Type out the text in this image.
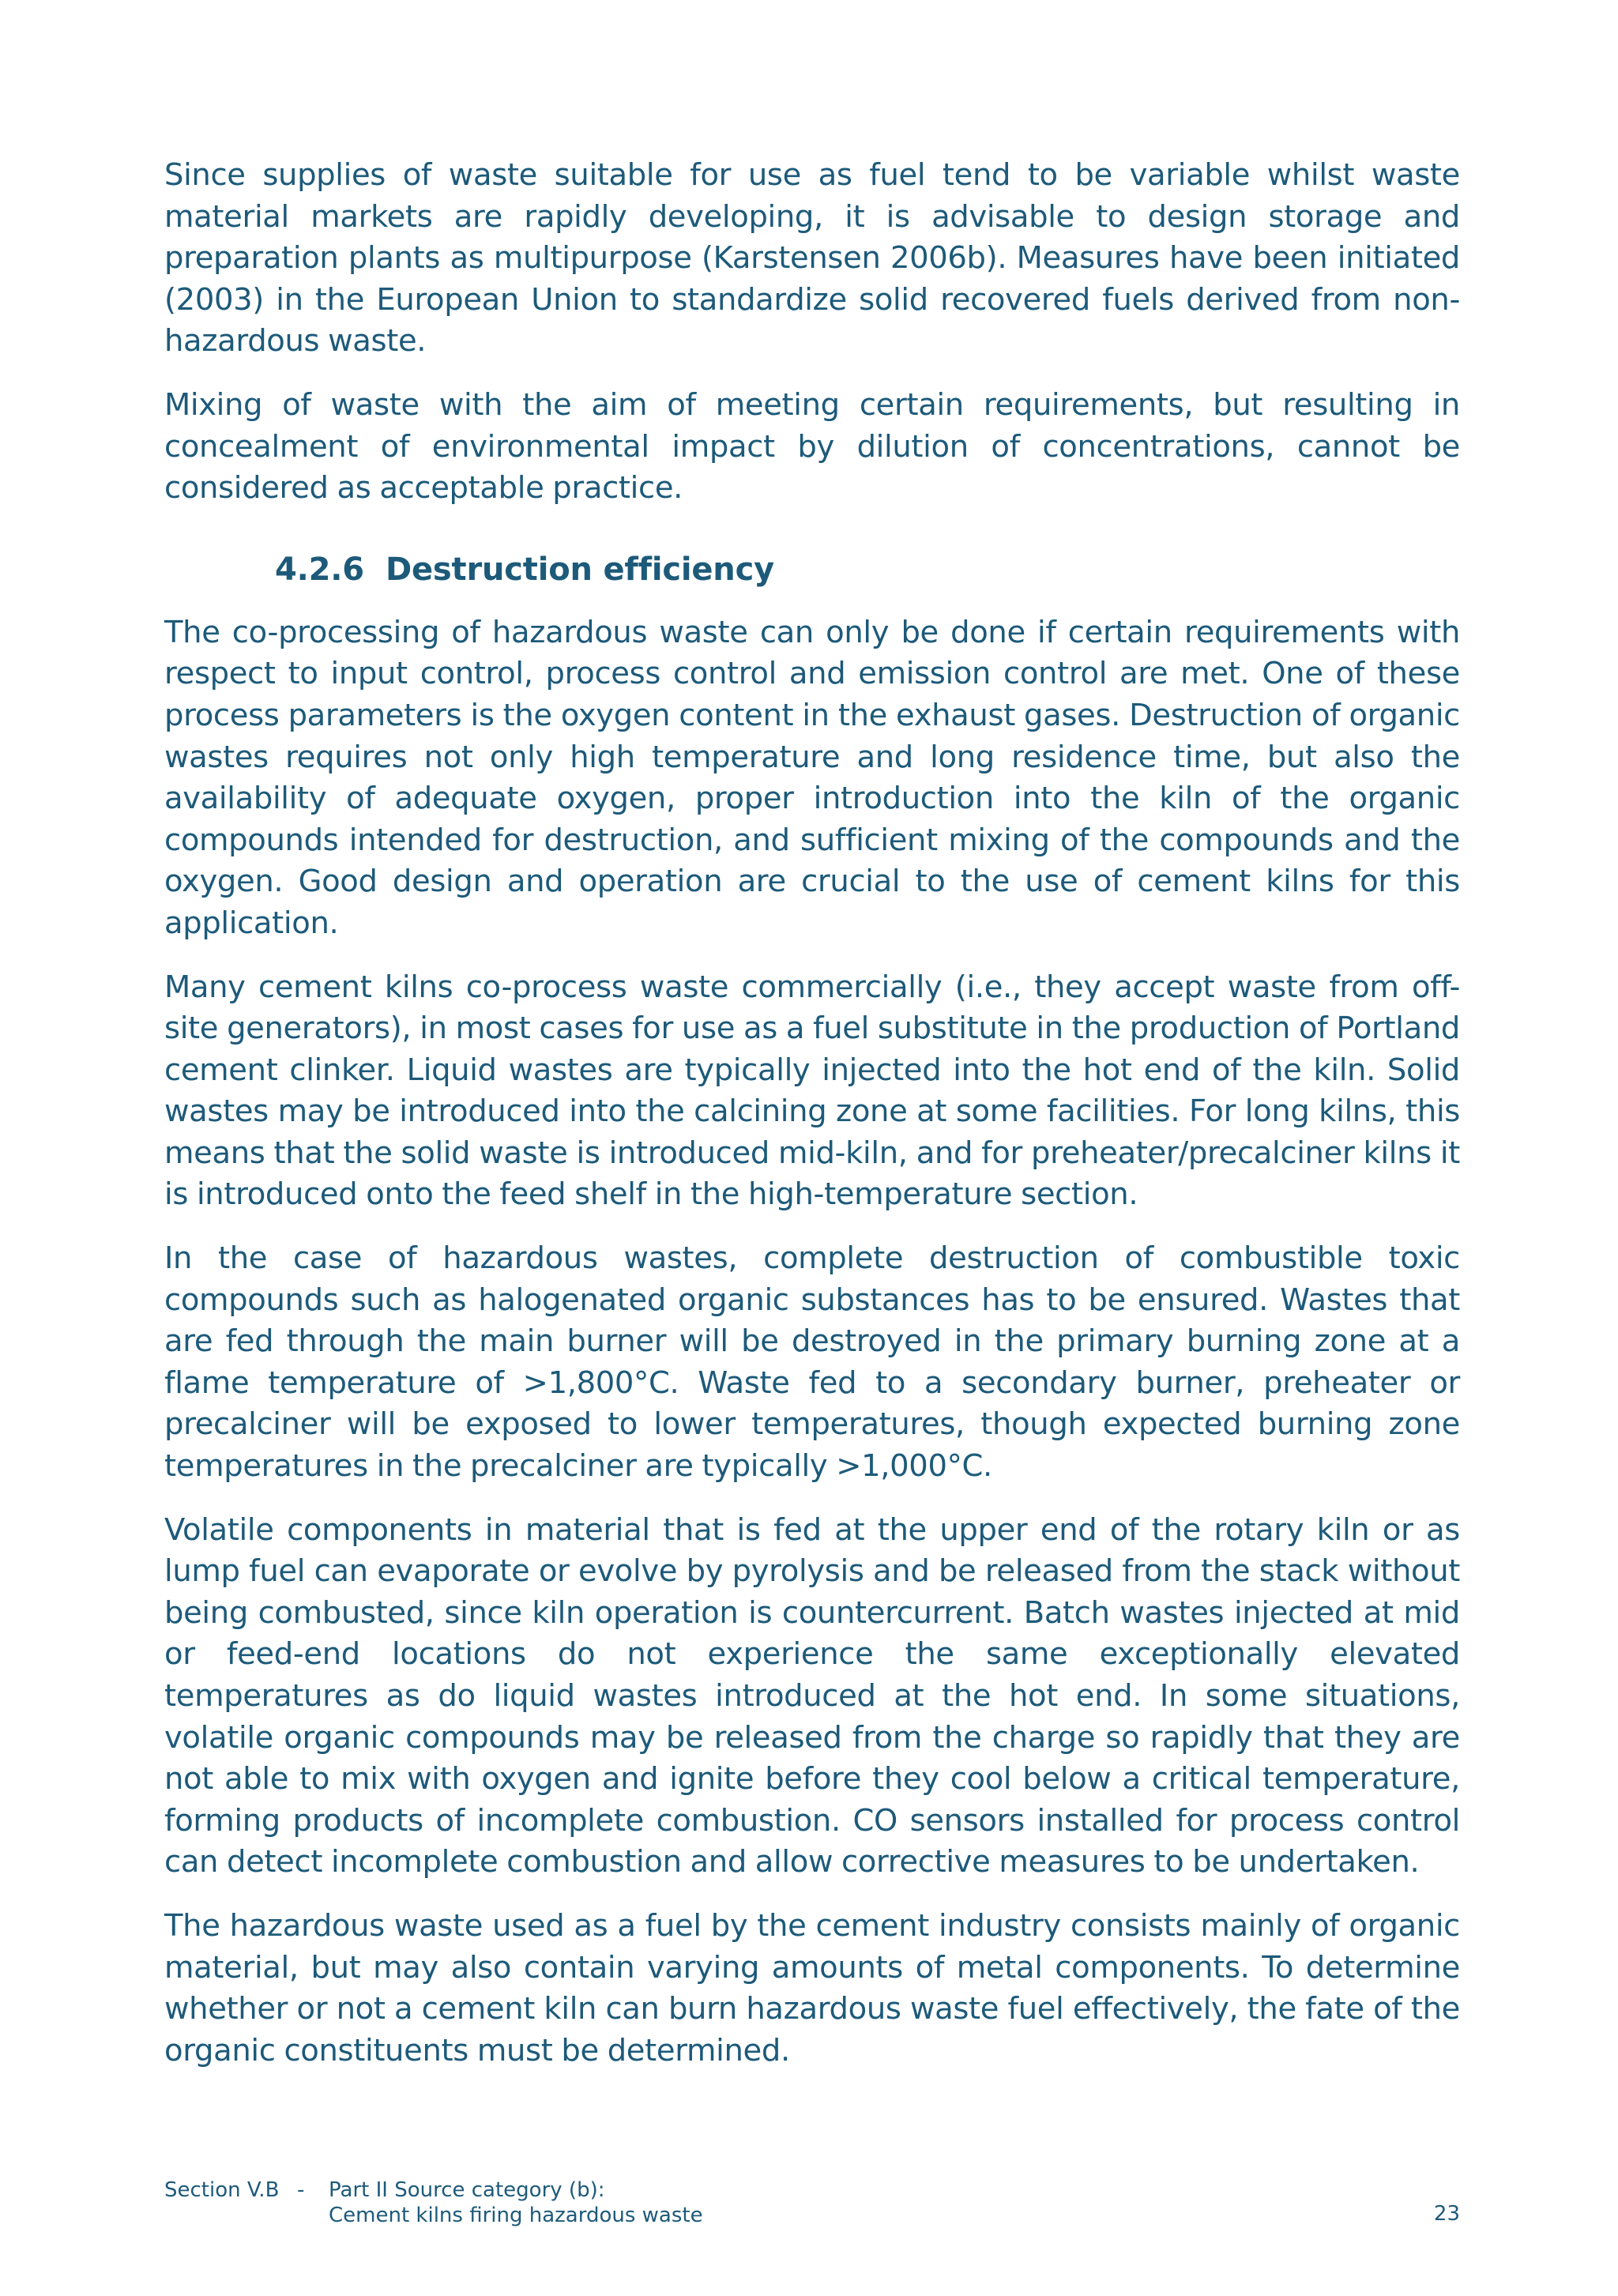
Since supplies of waste suitable for use as fuel tend to be variable whilst waste material markets are rapidly developing, it is advisable to design storage and preparation plants as multipurpose (Karstensen 2006b). Measures have been initiated (2003) in the European Union to standardize solid recovered fuels derived from non-hazardous waste.

Mixing of waste with the aim of meeting certain requirements, but resulting in concealment of environmental impact by dilution of concentrations, cannot be considered as acceptable practice.

4.2.6 Destruction efficiency

The co-processing of hazardous waste can only be done if certain requirements with respect to input control, process control and emission control are met. One of these process parameters is the oxygen content in the exhaust gases. Destruction of organic wastes requires not only high temperature and long residence time, but also the availability of adequate oxygen, proper introduction into the kiln of the organic compounds intended for destruction, and sufficient mixing of the compounds and the oxygen. Good design and operation are crucial to the use of cement kilns for this application.

Many cement kilns co-process waste commercially (i.e., they accept waste from off-site generators), in most cases for use as a fuel substitute in the production of Portland cement clinker. Liquid wastes are typically injected into the hot end of the kiln. Solid wastes may be introduced into the calcining zone at some facilities. For long kilns, this means that the solid waste is introduced mid-kiln, and for preheater/precalciner kilns it is introduced onto the feed shelf in the high-temperature section.

In the case of hazardous wastes, complete destruction of combustible toxic compounds such as halogenated organic substances has to be ensured. Wastes that are fed through the main burner will be destroyed in the primary burning zone at a flame temperature of >1,800°C. Waste fed to a secondary burner, preheater or precalciner will be exposed to lower temperatures, though expected burning zone temperatures in the precalciner are typically >1,000°C.

Volatile components in material that is fed at the upper end of the rotary kiln or as lump fuel can evaporate or evolve by pyrolysis and be released from the stack without being combusted, since kiln operation is countercurrent. Batch wastes injected at mid or feed-end locations do not experience the same exceptionally elevated temperatures as do liquid wastes introduced at the hot end. In some situations, volatile organic compounds may be released from the charge so rapidly that they are not able to mix with oxygen and ignite before they cool below a critical temperature, forming products of incomplete combustion. CO sensors installed for process control can detect incomplete combustion and allow corrective measures to be undertaken.

The hazardous waste used as a fuel by the cement industry consists mainly of organic material, but may also contain varying amounts of metal components. To determine whether or not a cement kiln can burn hazardous waste fuel effectively, the fate of the organic constituents must be determined.

Section V.B - Part II Source category (b):
Cement kilns firing hazardous waste	23
